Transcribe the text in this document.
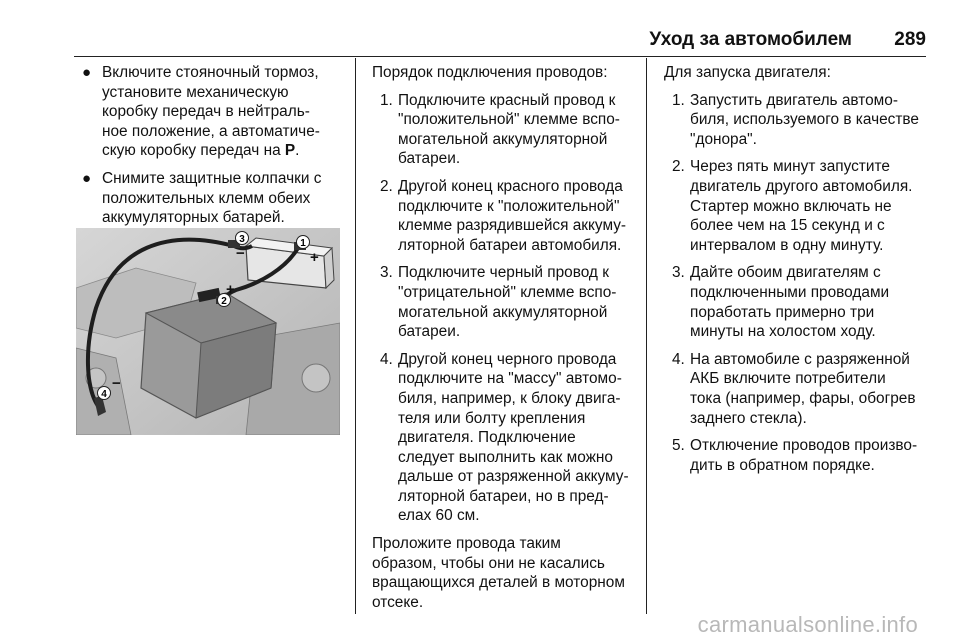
Уход за автомобилем 289
● Включите стояночный тормоз,
установите механическую
коробку передач в нейтраль-
ное положение, а автоматиче-
скую коробку передач на P.
● Снимите защитные колпачки с
положительных клемм обеих
аккумуляторных батарей.
1
2
3
4
+
+
−
−

Порядок подключения проводов:

1. Подключите красный провод к
"положительной" клемме вспо-
могательной аккумуляторной
батареи.
2. Другой конец красного провода
подключите к "положительной"
клемме разрядившейся аккуму-
ляторной батареи автомобиля.
3. Подключите черный провод к
"отрицательной" клемме вспо-
могательной аккумуляторной
батареи.
4. Другой конец черного провода
подключите на "массу" автомо-
биля, например, к блоку двига-
теля или болту крепления
двигателя. Подключение
следует выполнить как можно
дальше от разряженной аккуму-
ляторной батареи, но в пред-
елах 60 см.

Проложите провода таким
образом, чтобы они не касались
вращающихся деталей в моторном
отсеке.

Для запуска двигателя:

1. Запустить двигатель автомо-
биля, используемого в качестве
"донора".
2. Через пять минут запустите
двигатель другого автомобиля.
Стартер можно включать не
более чем на 15 секунд и с
интервалом в одну минуту.
3. Дайте обоим двигателям с
подключенными проводами
поработать примерно три
минуты на холостом ходу.
4. На автомобиле с разряженной
АКБ включите потребители
тока (например, фары, обогрев
заднего стекла).
5. Отключение проводов произво-
дить в обратном порядке.
carmanualsonline.info
